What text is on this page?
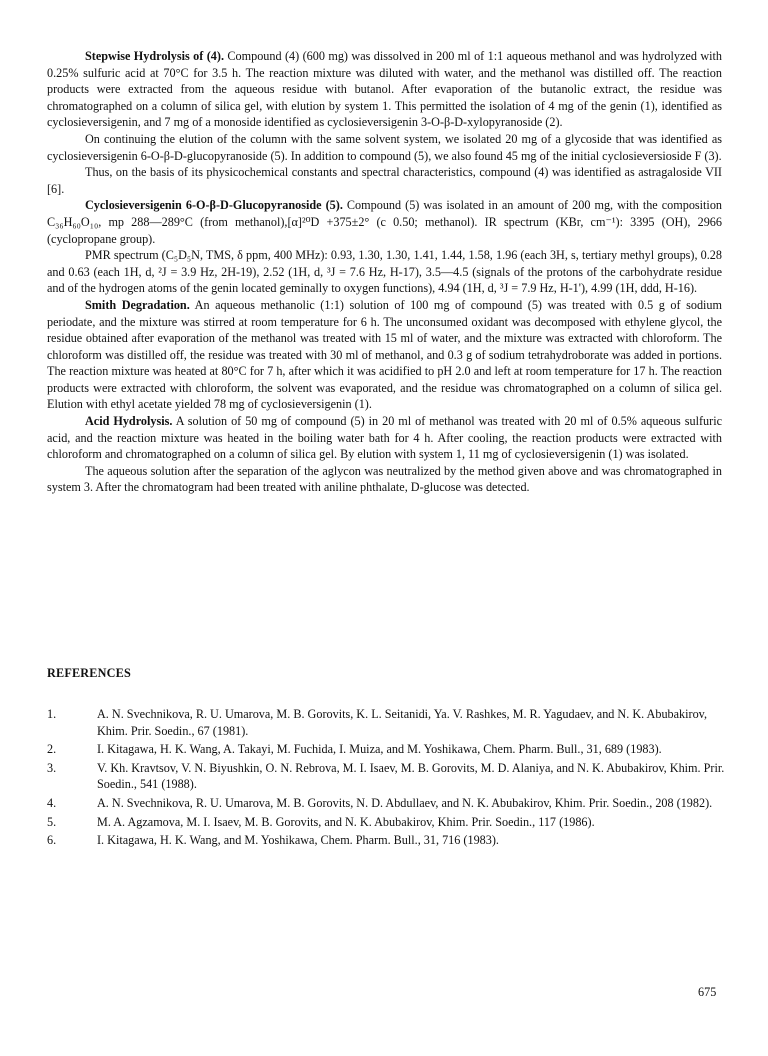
Stepwise Hydrolysis of (4). Compound (4) (600 mg) was dissolved in 200 ml of 1:1 aqueous methanol and was hydrolyzed with 0.25% sulfuric acid at 70°C for 3.5 h. The reaction mixture was diluted with water, and the methanol was distilled off. The reaction products were extracted from the aqueous residue with butanol. After evaporation of the butanolic extract, the residue was chromatographed on a column of silica gel, with elution by system 1. This permitted the isolation of 4 mg of the genin (1), identified as cyclosieversigenin, and 7 mg of a monoside identified as cyclosieversigenin 3-O-β-D-xylopyranoside (2).

On continuing the elution of the column with the same solvent system, we isolated 20 mg of a glycoside that was identified as cyclosieversigenin 6-O-β-D-glucopyranoside (5). In addition to compound (5), we also found 45 mg of the initial cyclosieversioside F (3).

Thus, on the basis of its physicochemical constants and spectral characteristics, compound (4) was identified as astragaloside VII [6].

Cyclosieversigenin 6-O-β-D-Glucopyranoside (5). Compound (5) was isolated in an amount of 200 mg, with the composition C₃₆H₆₀O₁₀, mp 288—289°C (from methanol),[α]²⁰D +375±2° (c 0.50; methanol). IR spectrum (KBr, cm⁻¹): 3395 (OH), 2966 (cyclopropane group).

PMR spectrum (C₅D₅N, TMS, δ ppm, 400 MHz): 0.93, 1.30, 1.30, 1.41, 1.44, 1.58, 1.96 (each 3H, s, tertiary methyl groups), 0.28 and 0.63 (each 1H, d, ²J = 3.9 Hz, 2H-19), 2.52 (1H, d, ³J = 7.6 Hz, H-17), 3.5—4.5 (signals of the protons of the carbohydrate residue and of the hydrogen atoms of the genin located geminally to oxygen functions), 4.94 (1H, d, ³J = 7.9 Hz, H-1'), 4.99 (1H, ddd, H-16).

Smith Degradation. An aqueous methanolic (1:1) solution of 100 mg of compound (5) was treated with 0.5 g of sodium periodate, and the mixture was stirred at room temperature for 6 h. The unconsumed oxidant was decomposed with ethylene glycol, the residue obtained after evaporation of the methanol was treated with 15 ml of water, and the mixture was extracted with chloroform. The chloroform was distilled off, the residue was treated with 30 ml of methanol, and 0.3 g of sodium tetrahydroborate was added in portions. The reaction mixture was heated at 80°C for 7 h, after which it was acidified to pH 2.0 and left at room temperature for 17 h. The reaction products were extracted with chloroform, the solvent was evaporated, and the residue was chromatographed on a column of silica gel. Elution with ethyl acetate yielded 78 mg of cyclosieversigenin (1).

Acid Hydrolysis. A solution of 50 mg of compound (5) in 20 ml of methanol was treated with 20 ml of 0.5% aqueous sulfuric acid, and the reaction mixture was heated in the boiling water bath for 4 h. After cooling, the reaction products were extracted with chloroform and chromatographed on a column of silica gel. By elution with system 1, 11 mg of cyclosieversigenin (1) was isolated.

The aqueous solution after the separation of the aglycon was neutralized by the method given above and was chromatographed in system 3. After the chromatogram had been treated with aniline phthalate, D-glucose was detected.

REFERENCES
1.	A. N. Svechnikova, R. U. Umarova, M. B. Gorovits, K. L. Seitanidi, Ya. V. Rashkes, M. R. Yagudaev, and N. K. Abubakirov, Khim. Prir. Soedin., 67 (1981).
2.	I. Kitagawa, H. K. Wang, A. Takayi, M. Fuchida, I. Muiza, and M. Yoshikawa, Chem. Pharm. Bull., 31, 689 (1983).
3.	V. Kh. Kravtsov, V. N. Biyushkin, O. N. Rebrova, M. I. Isaev, M. B. Gorovits, M. D. Alaniya, and N. K. Abubakirov, Khim. Prir. Soedin., 541 (1988).
4.	A. N. Svechnikova, R. U. Umarova, M. B. Gorovits, N. D. Abdullaev, and N. K. Abubakirov, Khim. Prir. Soedin., 208 (1982).
5.	M. A. Agzamova, M. I. Isaev, M. B. Gorovits, and N. K. Abubakirov, Khim. Prir. Soedin., 117 (1986).
6.	I. Kitagawa, H. K. Wang, and M. Yoshikawa, Chem. Pharm. Bull., 31, 716 (1983).
675
